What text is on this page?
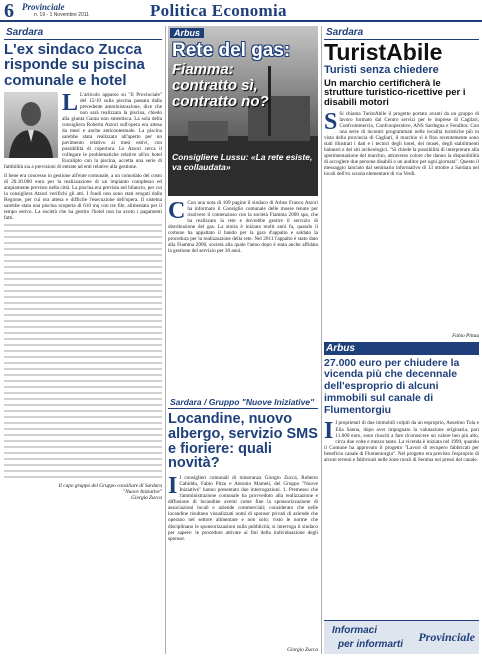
6 Provinciale
n. 19 - 1 Novembre 2011	Politica Economia
Sardara
L'ex sindaco Zucca risponde su piscina comunale e hotel
L L'articolo apparso su "Il Provinciale" del 15/10 sulla piscina passata dalla precedente amministrazione, dice che non sarà realizzata la piscina, chiedo alla giunta Garau non smentisca. La sola della consigliera Roberta Atzori sull'opera era attesa da mesi e anche anticontestuale. La piscina sarebbe stata realizzata all'aperto per un pavimento relativo ai mesi estivi, con possibilità di copertura. Le Atzori cerca il collegare le problematiche relative all'ex hotel Eucalipto con la piscina, accetta una serie di fattibilità sia a previsioni di entrate ad enti relative alla gestione.
Il bene era concesso in gestione all'ente comunale, a un comodato del costo di 20.10.000 euro per la realizzazione di un impianto complesso ed ampiamente previsto nella città. La piscina era prevista nel bilancio, per cui la consigliera Atzori verifichi gli atti. I fondi non sono stati erogati dalla Regione, per cui ora attesa e difficile l'esecuzione dell'opera. Il sistema sarebbe stata una piscina scoperta di 610 mq con tre file, alimentata per il tempo estivo. La società che ha gestito l'hotel non ha avuto i pagamenti fatti.
Il capo gruppo del Gruppo consiliare di Sardara
"Nuove Iniziative"
Giorgio Zucca
Arbus
Rete del gas:
Fiamma: contratto sì, contratto no?
Consigliere Lussu: «La rete esiste, va collaudata»
C Con una nota di 109 pagine il sindaco di Arbus Franco Atzori ha informato il Consiglio comunale delle mosse tenute per risolvere il contenzioso con la società Fiamma 2000 spa, che ha realizzato la rete e dovrebbe gestire il servizio di distribuzione del gas. La storia è iniziata molti anni fa, quando il comune ha appaltato il bando per la gara d'appalto e saldato la procedura per la realizzazione della rete. Nel 2011 l'appalto è stato dato alla Fiamma 2000, società alla quale l'anno dopo è stata anche affidata la gestione del servizio per 30 anni.
Sardara / Gruppo "Nuove Iniziative"
Locandine, nuovo albergo, servizio SMS e fioriere: quali novità?
I I consiglieri comunali di minoranza Giorgio Zucca, Roberto Cabiddu, Fabio Pitzu e Antonio Mameli, del Gruppo "Nuove Iniziative" hanno presentato due interrogazioni. 1. Premesso che l'amministrazione comunale ha provveduto alla realizzazione e diffusione di locandine aventi come fine la sponsorizzazione di associazioni locali e aziende commerciali; considerato che nelle locandine risultano visualizzati nomi di sponsor privati di aziende che operano nel settore alimentare e non solo; visto le norme che disciplinano le sponsorizzazioni sulla pubblicità; si interroga il sindaco per sapere: le procedure attivate ai fini della individuazione degli sponsor.
Giorgio Zucca
Sardara
TuristAbile
Turisti senza chiedere
Un marchio certificherà le strutture turistico-ricettive per i disabili motori
S Si chiama TuristAbile il progetto portato avanti da un gruppo di lavoro formato dal Centro servizi per le imprese di Cagliari, Confcommercio, Confcooperative, ANS Sardegna e Fenditor. Con una serie di incontri programmati nelle località turistiche più in vista della provincia di Cagliari, il marchio si è fino recentemente sono stati illustrati i dati e i tecnici degli hotel, dei musei, degli stabilimenti balneari e dei siti archeologici. "Si chiede la possibilità di interpretare alla sperimentazione del marchio, attraverso colore che danno la disponibilità di accoglere due persone disabili o un auditor per ogni giornata". Questo il messaggio lanciato dal seminario informativo di 13 ottobre a Sardara nei locali dell'ex scuola elementare di via Verdi.
Fabio Pittau
Arbus
27.000 euro per chiudere la vicenda più che decennale dell'esproprio di alcuni immobili sul canale di Flumentorgiu
I I proprietari di due immobili colpiti da un esproprio, Anselmo Tola e Elia Sanna, dopo aver impugnato la valutazione originaria, pari 11.000 euro, sono riusciti a fare riconoscere un valore ben più alto, circa due volte e mezzo tanto. La vicenda è iniziata nel 1999, quando il Comune ha approvato il progetto "Lavori di recupero fabbricati per beneficio canale di Flumentorgiu". Nel progetto era previsto l'esproprio di alcuni terreni e fabbricati nelle zone rurali di Sentina nei pressi del canale.
Informaci
per informarti
Provinciale
